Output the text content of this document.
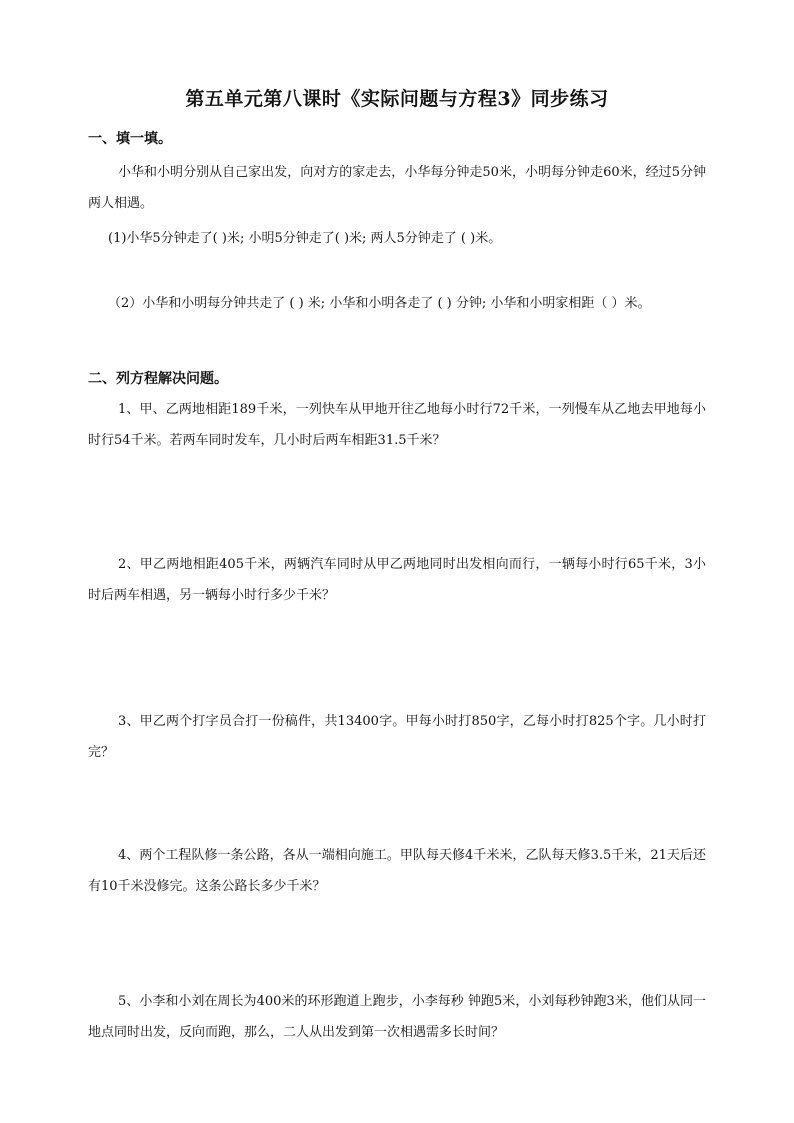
第五单元第八课时《实际问题与方程3》同步练习
一、填一填。
小华和小明分别从自己家出发，向对方的家走去，小华每分钟走50米，小明每分钟走60米，经过5分钟两人相遇。
(1)小华5分钟走了( )米; 小明5分钟走了( )米; 两人5分钟走了 ( )米。
（2）小华和小明每分钟共走了 ( ) 米; 小华和小明各走了 ( ) 分钟; 小华和小明家相距（ ）米。
二、列方程解决问题。
1、甲、乙两地相距189千米，一列快车从甲地开往乙地每小时行72千米，一列慢车从乙地去甲地每小时行54千米。若两车同时发车，几小时后两车相距31.5千米？
2、甲乙两地相距405千米，两辆汽车同时从甲乙两地同时出发相向而行，一辆每小时行65千米，3小时后两车相遇，另一辆每小时行多少千米？
3、甲乙两个打字员合打一份稿件，共13400字。甲每小时打850字，乙每小时打825个字。几小时打完？
4、两个工程队修一条公路，各从一端相向施工。甲队每天修4千米米，乙队每天修3.5千米，21天后还有10千米没修完。这条公路长多少千米？
5、小李和小刘在周长为400米的环形跑道上跑步，小李每秒 钟跑5米，小刘每秒钟跑3米，他们从同一地点同时出发，反向而跑，那么，二人从出发到第一次相遇需多长时间？
